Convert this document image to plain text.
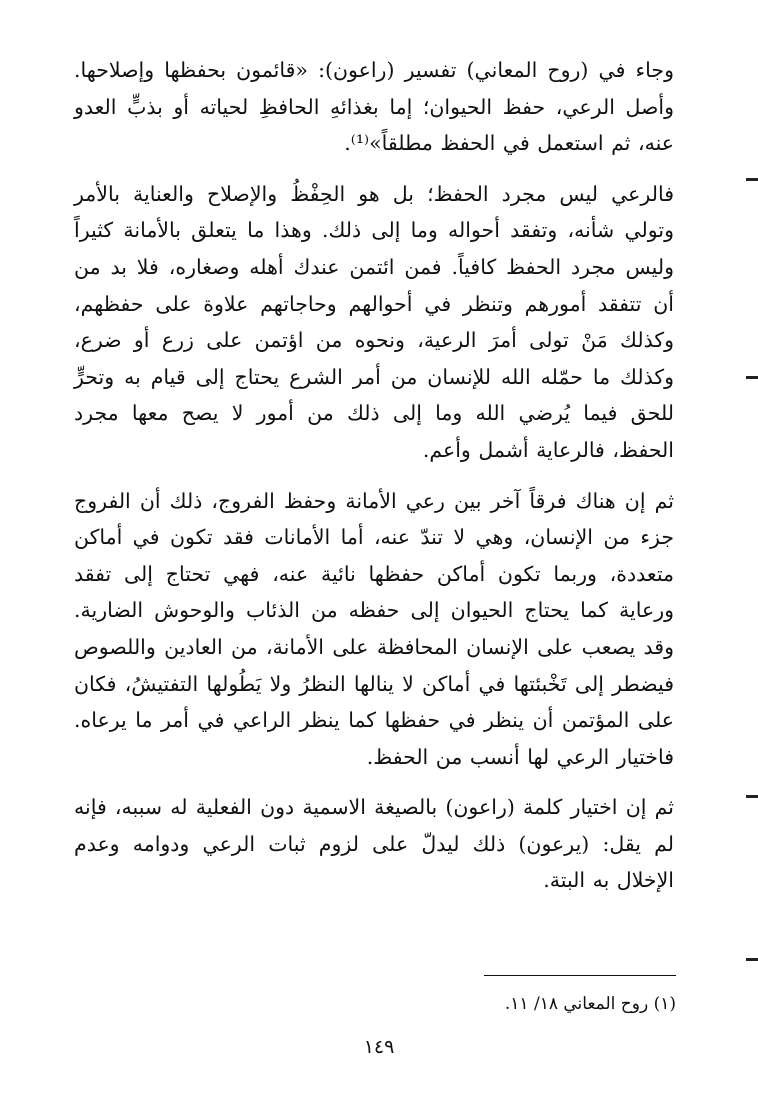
وجاء في (روح المعاني) تفسير (راعون): «قائمون بحفظها وإصلاحها. وأصل الرعي، حفظ الحيوان؛ إما بغذائهِ الحافظِ لحياته أو بذبٍّ العدو عنه، ثم استعمل في الحفظ مطلقاً»⁽¹⁾.

فالرعي ليس مجرد الحفظ؛ بل هو الحِفْظُ والإصلاح والعناية بالأمر وتولي شأنه، وتفقد أحواله وما إلى ذلك. وهذا ما يتعلق بالأمانة كثيراً وليس مجرد الحفظ كافياً. فمن ائتمن عندك أهله وصغاره، فلا بد من أن تتفقد أمورهم وتنظر في أحوالهم وحاجاتهم علاوة على حفظهم، وكذلك مَنْ تولى أمرَ الرعية، ونحوه من اؤتمن على زرع أو ضرع، وكذلك ما حمّله الله للإنسان من أمر الشرع يحتاج إلى قيام به وتحرٍّ للحق فيما يُرضي الله وما إلى ذلك من أمور لا يصح معها مجرد الحفظ، فالرعاية أشمل وأعم.

ثم إن هناك فرقاً آخر بين رعي الأمانة وحفظ الفروج، ذلك أن الفروج جزء من الإنسان، وهي لا تندّ عنه، أما الأمانات فقد تكون في أماكن متعددة، وربما تكون أماكن حفظها نائية عنه، فهي تحتاج إلى تفقد ورعاية كما يحتاج الحيوان إلى حفظه من الذئاب والوحوش الضارية. وقد يصعب على الإنسان المحافظة على الأمانة، من العادين واللصوص فيضطر إلى تَخْبئتها في أماكن لا ينالها النظرُ ولا يَطُولها التفتيشُ، فكان على المؤتمن أن ينظر في حفظها كما ينظر الراعي في أمر ما يرعاه. فاختيار الرعي لها أنسب من الحفظ.

ثم إن اختيار كلمة (راعون) بالصيغة الاسمية دون الفعلية له سببه، فإنه لم يقل: (يرعون) ذلك ليدلّ على لزوم ثبات الرعي ودوامه وعدم الإخلال به البتة.

(١) روح المعاني ١٨/ ١١.
١٤٩
